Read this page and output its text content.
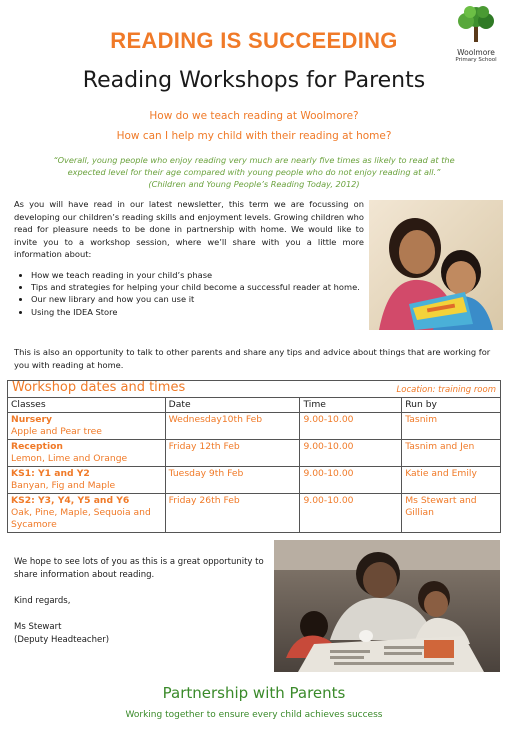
Woolmore
Primary School
READING IS SUCCEEDING
Reading Workshops for Parents
How do we teach reading at Woolmore?
How can I help my child with their reading at home?
“Overall, young people who enjoy reading very much are nearly five times as likely to read at the
expected level for their age compared with young people who do not enjoy reading at all.”
(Children and Young People’s Reading Today, 2012)
As you will have read in our latest newsletter, this term we are focussing on developing our children’s reading skills and enjoyment levels. Growing children who read for pleasure needs to be done in partnership with home. We would like to invite you to a workshop session, where we’ll share with you a little more information about:
• How we teach reading in your child’s phase
• Tips and strategies for helping your child become a successful reader at home.
• Our new library and how you can use it
• Using the IDEA Store
This is also an opportunity to talk to other parents and share any tips and advice about things that are working for you with reading at home.
Workshop dates and times Location: training room			

Classes	Date	Time	Run by

Nursery
Apple and Pear tree	Wednesday10th Feb	9.00-10.00	Tasnim

Reception
Lemon, Lime and Orange	Friday 12th Feb	9.00-10.00	Tasnim and Jen

KS1: Y1 and Y2
Banyan, Fig and Maple	Tuesday 9th Feb	9.00-10.00	Katie and Emily

KS2: Y3, Y4, Y5 and Y6
Oak, Pine, Maple, Sequoia and Sycamore	Friday 26th Feb	9.00-10.00	Ms Stewart and Gillian
We hope to see lots of you as this is a great opportunity to share information about reading.
Kind regards,
Ms Stewart
(Deputy Headteacher)
Partnership with Parents
Working together to ensure every child achieves success
